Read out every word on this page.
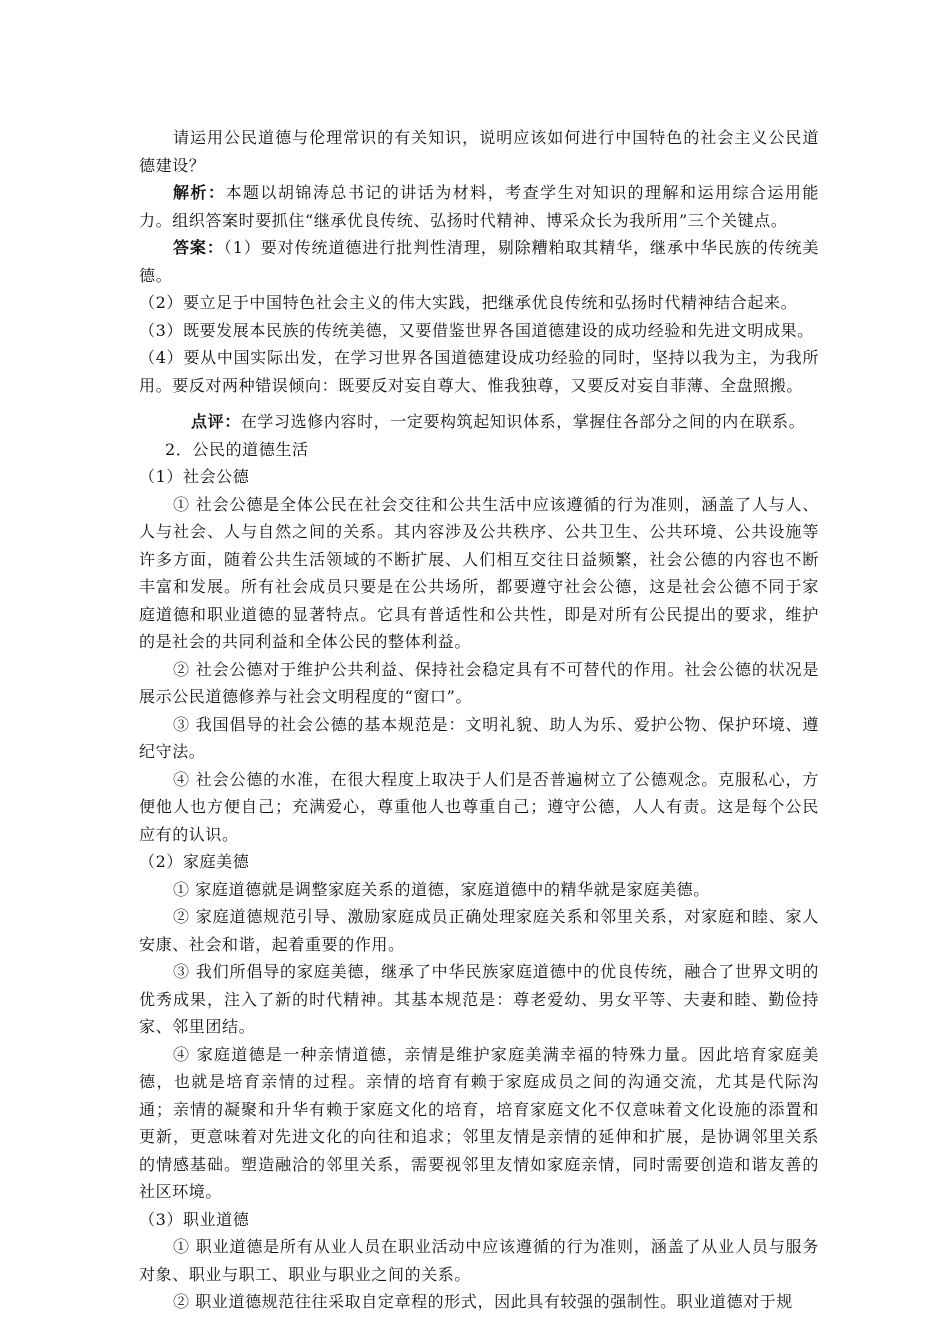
请运用公民道德与伦理常识的有关知识，说明应该如何进行中国特色的社会主义公民道德建设？

解析：本题以胡锦涛总书记的讲话为材料，考查学生对知识的理解和运用综合运用能力。组织答案时要抓住“继承优良传统、弘扬时代精神、博采众长为我所用”三个关键点。

答案：（1）要对传统道德进行批判性清理，剔除糟粕取其精华，继承中华民族的传统美德。

（2）要立足于中国特色社会主义的伟大实践，把继承优良传统和弘扬时代精神结合起来。

（3）既要发展本民族的传统美德，又要借鉴世界各国道德建设的成功经验和先进文明成果。

（4）要从中国实际出发，在学习世界各国道德建设成功经验的同时，坚持以我为主，为我所用。要反对两种错误倾向：既要反对妄自尊大、惟我独尊，又要反对妄自菲薄、全盘照搬。

点评：在学习选修内容时，一定要构筑起知识体系，掌握住各部分之间的内在联系。

2．公民的道德生活

（1）社会公德

① 社会公德是全体公民在社会交往和公共生活中应该遵循的行为准则，涵盖了人与人、人与社会、人与自然之间的关系。其内容涉及公共秩序、公共卫生、公共环境、公共设施等许多方面，随着公共生活领域的不断扩展、人们相互交往日益频繁，社会公德的内容也不断丰富和发展。所有社会成员只要是在公共场所，都要遵守社会公德，这是社会公德不同于家庭道德和职业道德的显著特点。它具有普适性和公共性，即是对所有公民提出的要求，维护的是社会的共同利益和全体公民的整体利益。

② 社会公德对于维护公共利益、保持社会稳定具有不可替代的作用。社会公德的状况是展示公民道德修养与社会文明程度的“窗口”。

③ 我国倡导的社会公德的基本规范是：文明礼貌、助人为乐、爱护公物、保护环境、遵纪守法。

④ 社会公德的水准，在很大程度上取决于人们是否普遍树立了公德观念。克服私心，方便他人也方便自己；充满爱心，尊重他人也尊重自己；遵守公德，人人有责。这是每个公民应有的认识。

（2）家庭美德

① 家庭道德就是调整家庭关系的道德，家庭道德中的精华就是家庭美德。

② 家庭道德规范引导、激励家庭成员正确处理家庭关系和邻里关系，对家庭和睦、家人安康、社会和谐，起着重要的作用。

③ 我们所倡导的家庭美德，继承了中华民族家庭道德中的优良传统，融合了世界文明的优秀成果，注入了新的时代精神。其基本规范是：尊老爱幼、男女平等、夫妻和睦、勤俭持家、邻里团结。

④ 家庭道德是一种亲情道德，亲情是维护家庭美满幸福的特殊力量。因此培育家庭美德，也就是培育亲情的过程。亲情的培育有赖于家庭成员之间的沟通交流，尤其是代际沟通；亲情的凝聚和升华有赖于家庭文化的培育，培育家庭文化不仅意味着文化设施的添置和更新，更意味着对先进文化的向往和追求；邻里友情是亲情的延伸和扩展，是协调邻里关系的情感基础。塑造融洽的邻里关系，需要视邻里友情如家庭亲情，同时需要创造和谐友善的社区环境。

（3）职业道德

① 职业道德是所有从业人员在职业活动中应该遵循的行为准则，涵盖了从业人员与服务对象、职业与职工、职业与职业之间的关系。

② 职业道德规范往往采取自定章程的形式，因此具有较强的强制性。职业道德对于规
